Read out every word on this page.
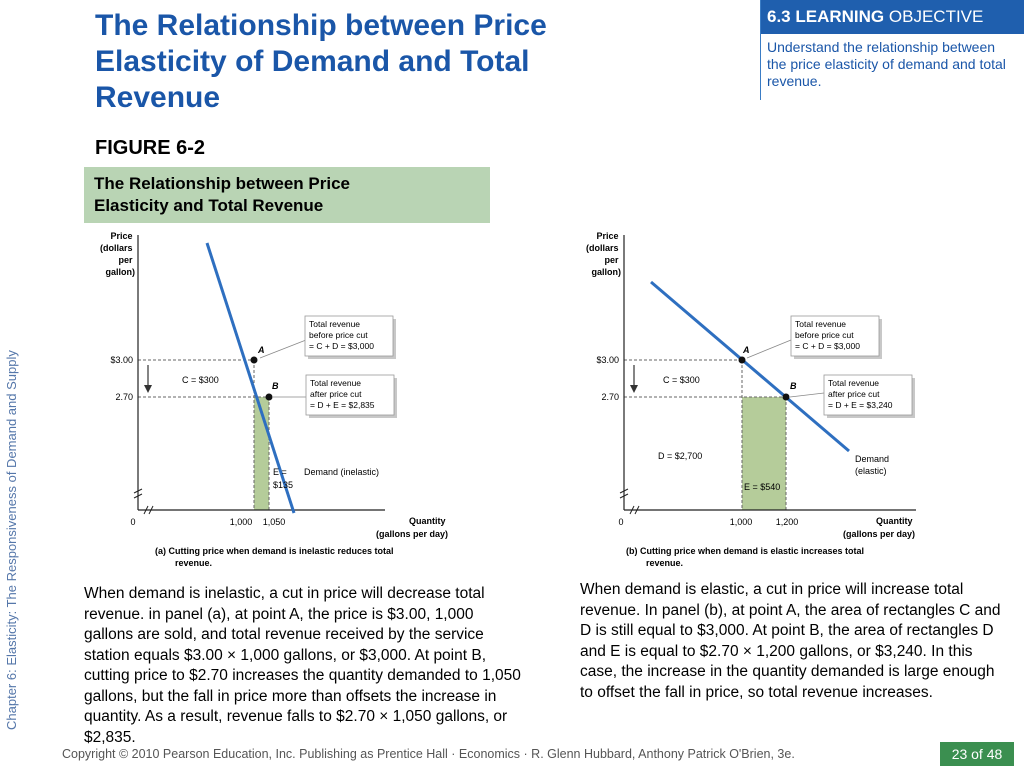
The Relationship between Price Elasticity of Demand and Total Revenue
6.3 LEARNING OBJECTIVE
Understand the relationship between the price elasticity of demand and total revenue.
FIGURE 6-2
The Relationship between Price
Elasticity and Total Revenue
Chapter 6: Elasticity: The Responsiveness of Demand and Supply
A
B
Price (dollars per gallon)
$3.00
2.70
0	1,000 1,050	Quantity (gallons per day)
C = $300
E = $135
Demand (inelastic)
Total revenue before price cut = C + D = $3,000
Total revenue after price cut = D + E = $2,835
(a) Cutting price when demand is inelastic reduces total revenue.
A
B
Price (dollars per gallon)
$3.00
2.70
0	1,000	1,200	Quantity (gallons per day)
C = $300
D = $2,700
E = $540
Demand (elastic)
Total revenue before price cut = C + D = $3,000
Total revenue after price cut = D + E = $3,240
(b) Cutting price when demand is elastic increases total revenue.
When demand is inelastic, a cut in price will decrease total revenue. in panel (a), at point A, the price is $3.00, 1,000 gallons are sold, and total revenue received by the service station equals $3.00 × 1,000 gallons, or $3,000. At point B, cutting price to $2.70 increases the quantity demanded to 1,050 gallons, but the fall in price more than offsets the increase in quantity. As a result, revenue falls to $2.70 × 1,050 gallons, or $2,835.
When demand is elastic, a cut in price will increase total revenue. In panel (b), at point A, the area of rectangles C and D is still equal to $3,000. At point B, the area of rectangles D and E is equal to $2.70 × 1,200 gallons, or $3,240. In this case, the increase in the quantity demanded is large enough to offset the fall in price, so total revenue increases.
Copyright © 2010 Pearson Education, Inc. Publishing as Prentice Hall · Economics · R. Glenn Hubbard, Anthony Patrick O'Brien, 3e.	23 of 48
